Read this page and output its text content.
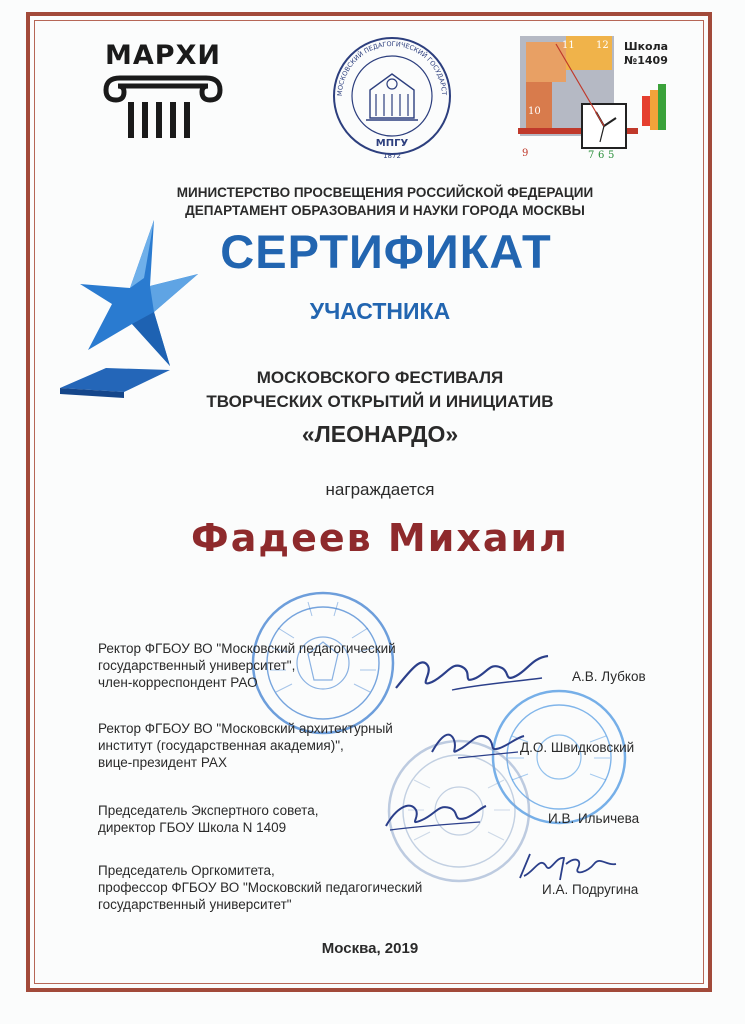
МАРХИ
МОСКОВСКИЙ ПЕДАГОГИЧЕСКИЙ ГОСУДАРСТ
МПГУ
1872
11 12
10
9	7 6 5
Школа
№1409
МИНИСТЕРСТВО ПРОСВЕЩЕНИЯ РОССИЙСКОЙ ФЕДЕРАЦИИ
ДЕПАРТАМЕНТ ОБРАЗОВАНИЯ И НАУКИ ГОРОДА МОСКВЫ
СЕРТИФИКАТ
УЧАСТНИКА
МОСКОВСКОГО ФЕСТИВАЛЯ
ТВОРЧЕСКИХ ОТКРЫТИЙ И ИНИЦИАТИВ
«ЛЕОНАРДО»
награждается
Фадеев Михаил
Ректор ФГБОУ ВО "Московский педагогический
государственный университет",
член-корреспондент РАО	А.В. Лубков
Ректор ФГБОУ ВО "Московский архитектурный
институт (государственная академия)",
вице-президент РАХ
Д.О. Швидковский
Председатель Экспертного совета,
директор ГБОУ Школа N 1409
И.В. Ильичева
Председатель Оргкомитета,
профессор ФГБОУ ВО "Московский педагогический
государственный университет"
И.А. Подругина
Москва, 2019
